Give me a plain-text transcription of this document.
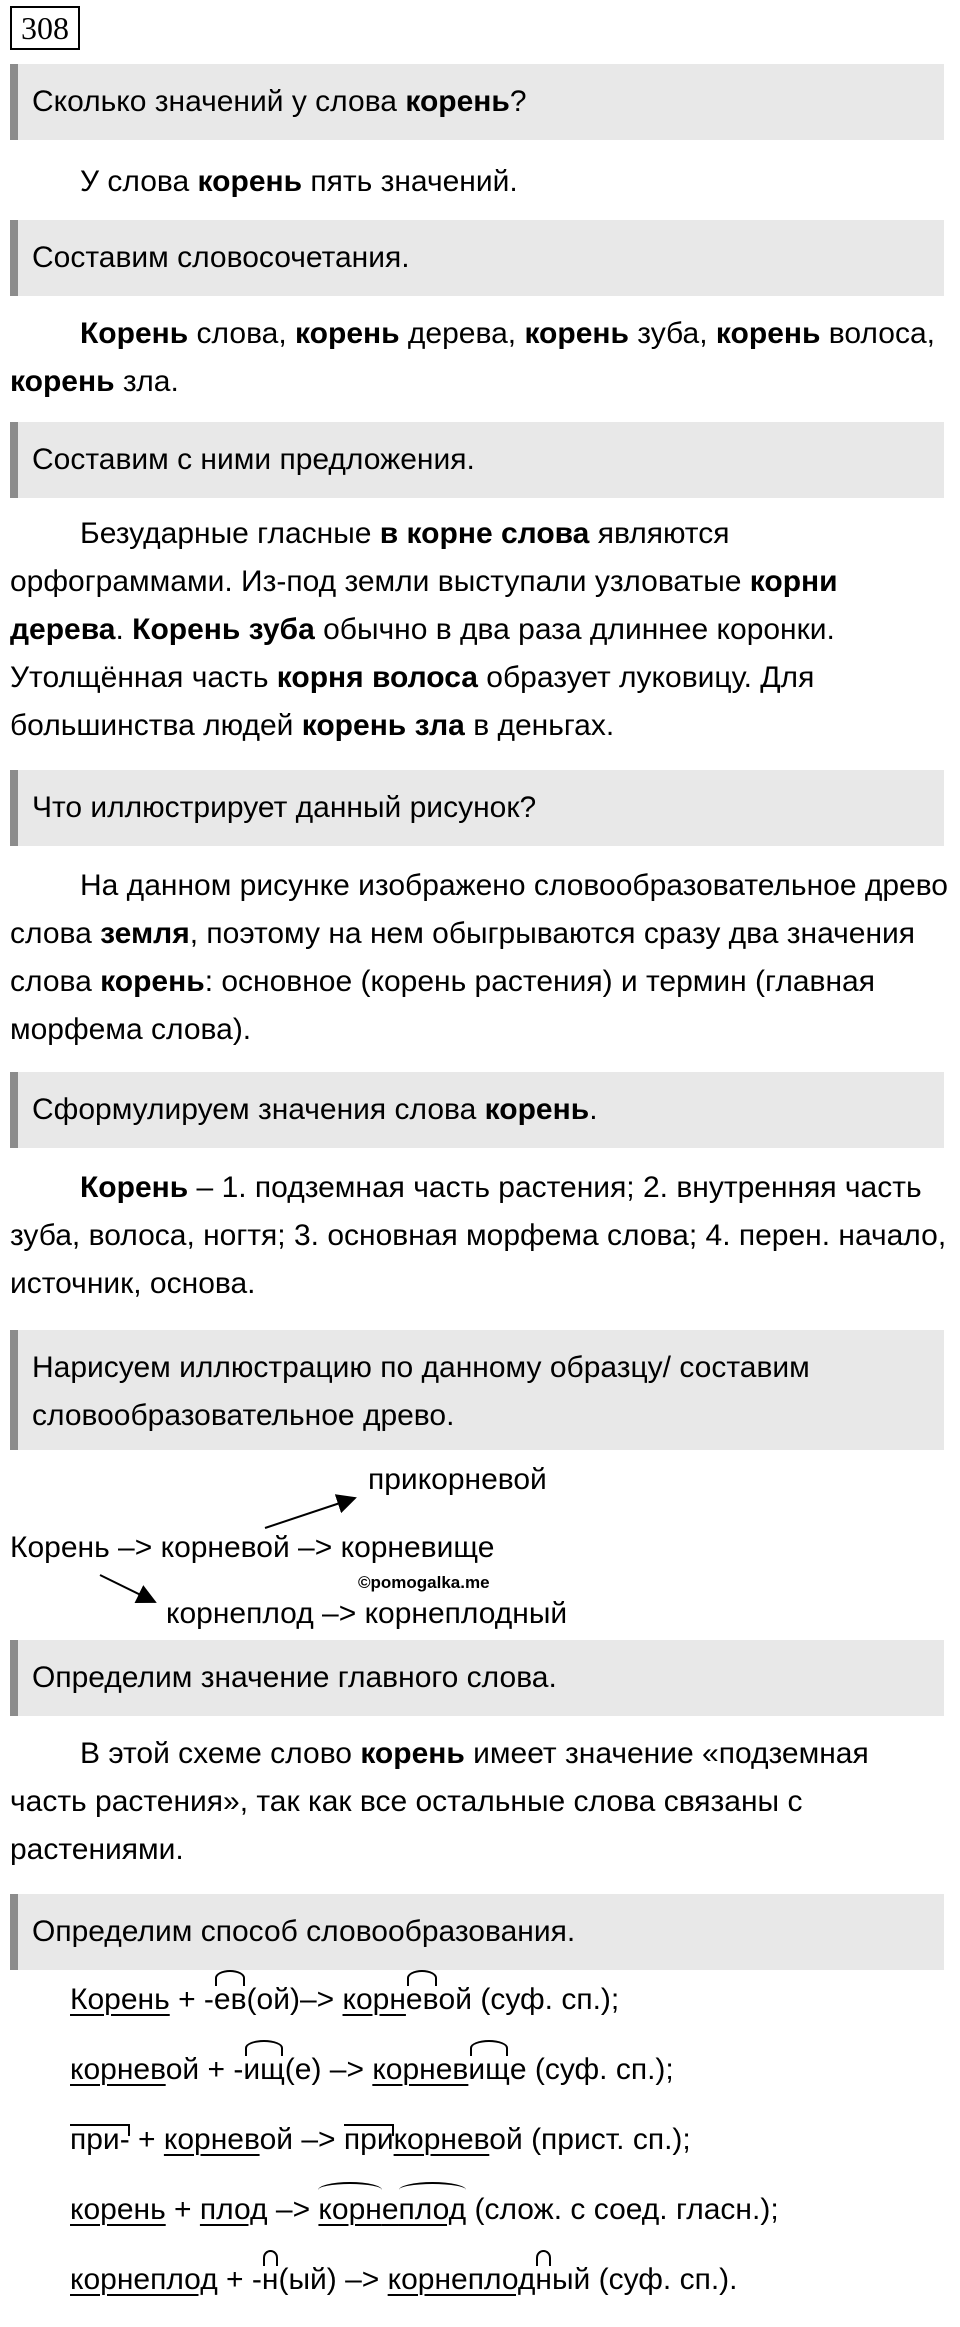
308
Сколько значений у слова корень?

У слова корень пять значений.

Составим словосочетания.

Корень слова, корень дерева, корень зуба, корень волоса, корень зла.

Составим с ними предложения.

Безударные гласные в корне слова являются орфограммами. Из-под земли выступали узловатые корни дерева. Корень зуба обычно в два раза длиннее коронки. Утолщённая часть корня волоса образует луковицу. Для большинства людей корень зла в деньгах.

Что иллюстрирует данный рисунок?

На данном рисунке изображено словообразовательное древо слова земля, поэтому на нем обыгрываются сразу два значения слова корень: основное (корень растения) и термин (главная морфема слова).

Сформулируем значения слова корень.

Корень – 1. подземная часть растения; 2. внутренняя часть зуба, волоса, ногтя; 3. основная морфема слова; 4. перен. начало, источник, основа.

Нарисуем иллюстрацию по данному образцу/ составим словообразовательное древо.
прикорневой
Корень –> корневой –> корневище
©pomogalka.me
корнеплод –> корнеплодный
Определим значение главного слова.

В этой схеме слово корень имеет значение «подземная часть растения», так как все остальные слова связаны с растениями.

Определим способ словообразования.
Корень + -ев(ой)–> корневой (суф. сп.);
корневой + -ищ(е) –> корневище (суф. сп.);
при- + корневой –> прикорневой (прист. сп.);
корень + плод –> корнеплод (слож. с соед. гласн.);
корнеплод + -н(ый) –> корнеплодный (суф. сп.).
